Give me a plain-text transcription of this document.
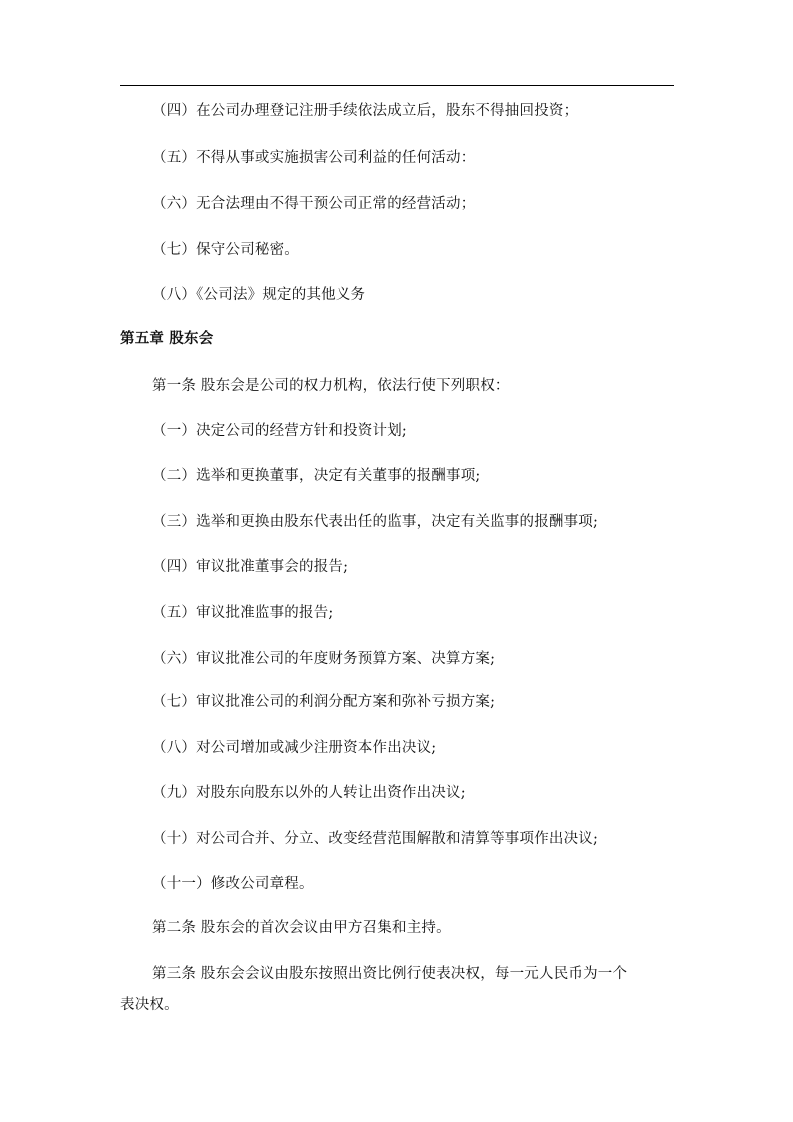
（四）在公司办理登记注册手续依法成立后，股东不得抽回投资；
（五）不得从事或实施损害公司利益的任何活动：
（六）无合法理由不得干预公司正常的经营活动；
（七）保守公司秘密。
（八）《公司法》规定的其他义务
第五章 股东会
第一条 股东会是公司的权力机构，依法行使下列职权：
（一）决定公司的经营方针和投资计划;
（二）选举和更换董事，决定有关董事的报酬事项;
（三）选举和更换由股东代表出任的监事，决定有关监事的报酬事项;
（四）审议批准董事会的报告;
（五）审议批准监事的报告;
（六）审议批准公司的年度财务预算方案、决算方案;
（七）审议批准公司的利润分配方案和弥补亏损方案;
（八）对公司增加或减少注册资本作出决议;
（九）对股东向股东以外的人转让出资作出决议;
（十）对公司合并、分立、改变经营范围解散和清算等事项作出决议;
（十一）修改公司章程。
第二条 股东会的首次会议由甲方召集和主持。
第三条 股东会会议由股东按照出资比例行使表决权，每一元人民币为一个
表决权。
